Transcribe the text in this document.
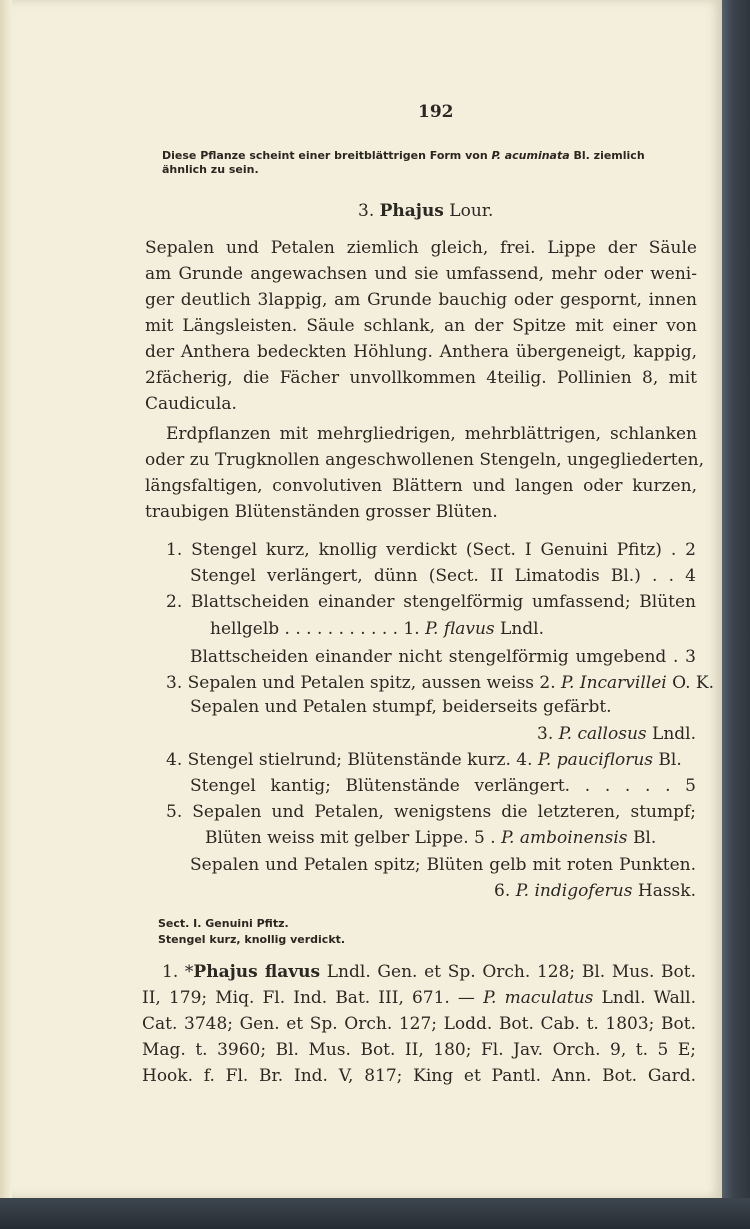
192
Diese Pflanze scheint einer breitblättrigen Form von P. acuminata Bl. ziemlich
ähnlich zu sein.
3. Phajus Lour.
Sepalen und Petalen ziemlich gleich, frei. Lippe der Säule
am Grunde angewachsen und sie umfassend, mehr oder weni-
ger deutlich 3lappig, am Grunde bauchig oder gespornt, innen
mit Längsleisten. Säule schlank, an der Spitze mit einer von
der Anthera bedeckten Höhlung. Anthera übergeneigt, kappig,
2fächerig, die Fächer unvollkommen 4teilig. Pollinien 8, mit
Caudicula.
Erdpflanzen mit mehrgliedrigen, mehrblättrigen, schlanken
oder zu Trugknollen angeschwollenen Stengeln, ungegliederten,
längsfaltigen, convolutiven Blättern und langen oder kurzen,
traubigen Blütenständen grosser Blüten.
1. Stengel kurz, knollig verdickt (Sect. I Genuini Pfitz) . 2
Stengel verlängert, dünn (Sect. II Limatodis Bl.) . . 4
2. Blattscheiden einander stengelförmig umfassend; Blüten
hellgelb . . . . . . . . . . . 1. P. flavus Lndl.
Blattscheiden einander nicht stengelförmig umgebend . 3
3. Sepalen und Petalen spitz, aussen weiss 2. P. Incarvillei O. K.
Sepalen und Petalen stumpf, beiderseits gefärbt.
3. P. callosus Lndl.
4. Stengel stielrund; Blütenstände kurz. 4. P. pauciflorus Bl.
Stengel kantig; Blütenstände verlängert. . . . . . 5
5. Sepalen und Petalen, wenigstens die letzteren, stumpf;
Blüten weiss mit gelber Lippe. 5 . P. amboinensis Bl.
Sepalen und Petalen spitz; Blüten gelb mit roten Punkten.
6. P. indigoferus Hassk.
Sect. I. Genuini Pfitz.
Stengel kurz, knollig verdickt.
1. *Phajus flavus Lndl. Gen. et Sp. Orch. 128; Bl. Mus. Bot.
II, 179; Miq. Fl. Ind. Bat. III, 671. — P. maculatus Lndl. Wall.
Cat. 3748; Gen. et Sp. Orch. 127; Lodd. Bot. Cab. t. 1803; Bot.
Mag. t. 3960; Bl. Mus. Bot. II, 180; Fl. Jav. Orch. 9, t. 5 E;
Hook. f. Fl. Br. Ind. V, 817; King et Pantl. Ann. Bot. Gard.
